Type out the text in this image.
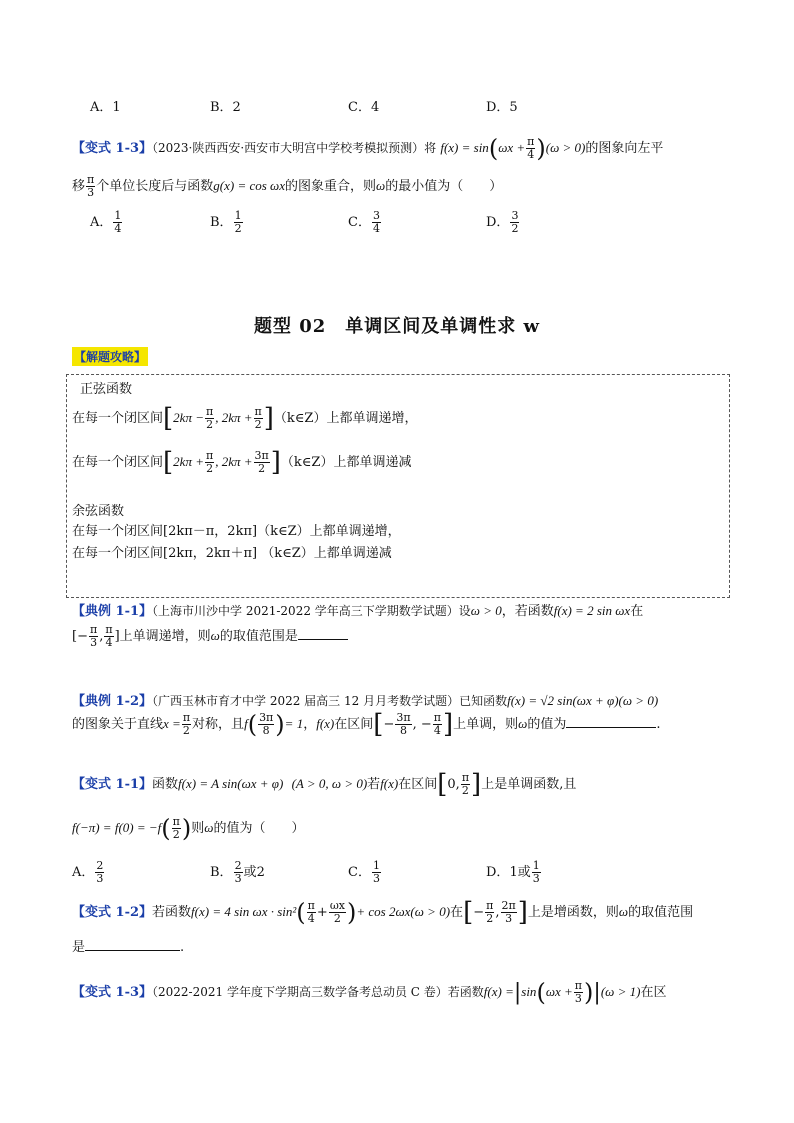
A．1	B．2	C．4	D．5
【变式 1-3】（2023·陕西西安·西安市大明宫中学校考模拟预测）将 $f(x) = \sin(\omega x + \frac{\pi}{4} )(\omega > 0)$的图象向左平
移 $\frac{\pi}{3}$ 个单位长度后与函数g(x) = cos ωx的图象重合，则ω的最小值为（　　）
A． $\frac{1}{4}$	B． $\frac{1}{2}$	C． $\frac{3}{4}$	D． $\frac{3}{2}$
题型 02　单调区间及单调性求 w
【解题攻略】
正弦函数
在每一个闭区间[$2k\pi - \frac{\pi}{2}$ , $2k\pi + \frac{\pi}{2}$ ]（k∈Z）上都单调递增，
在每一个闭区间[$2k\pi + \frac{\pi}{2}$ , $2k\pi + \frac{3\pi}{2}$ ]（k∈Z）上都单调递减
余弦函数
在每一个闭区间[2kπ－π，2kπ]（k∈Z）上都单调递增，
在每一个闭区间[2kπ，2kπ＋π] （k∈Z）上都单调递减
【典例 1-1】（上海市川沙中学 2021-2022 学年高三下学期数学试题）设ω > 0，若函数f(x) = 2 sin ωx在
[− $\frac{\pi}{3}$ , $\frac{\pi}{4}$ ]上单调递增，则ω的取值范围是
【典例 1-2】（广西玉林市育才中学 2022 届高三 12 月月考数学试题）已知函数f(x) = √2 sin(ωx + φ)(ω > 0)
的图象关于直线$x = \frac{\pi}{2}$ 对称，且$f( \frac{3\pi}{8}$ )= 1，f(x)在区间[− $\frac{3\pi}{8}$ , − $\frac{\pi}{4}$ ]上单调，则ω的值为	.
【变式 1-1】函数f(x) = A sin(ωx + φ) (A > 0, ω > 0)若f(x)在区间[0, $\frac{\pi}{2}$ ]上是单调函数,且
$f(-\pi) = f(0) = -f( \frac{\pi}{2}$ )则ω的值为（　　）
A． $\frac{2}{3}$	B． $\frac{2}{3}$ 或2	C． $\frac{1}{3}$	D．1或 $\frac{1}{3}$
【变式 1-2】若函数f(x) = 4 $\sin \omega x \cdot \sin^2( \frac{\pi}{4} + \frac{\omega x}{2}$ )+ cos 2ωx(ω > 0)在[− $\frac{\pi}{2}$ , $\frac{2\pi}{3}$ ]上是增函数，则ω的取值范围
是	.
【变式 1-3】（2022-2021 学年度下学期高三数学备考总动员 C 卷）若函数$f(x) =|\sin(\omega x + \frac{\pi}{3} )|(\omega > 1)$在区
